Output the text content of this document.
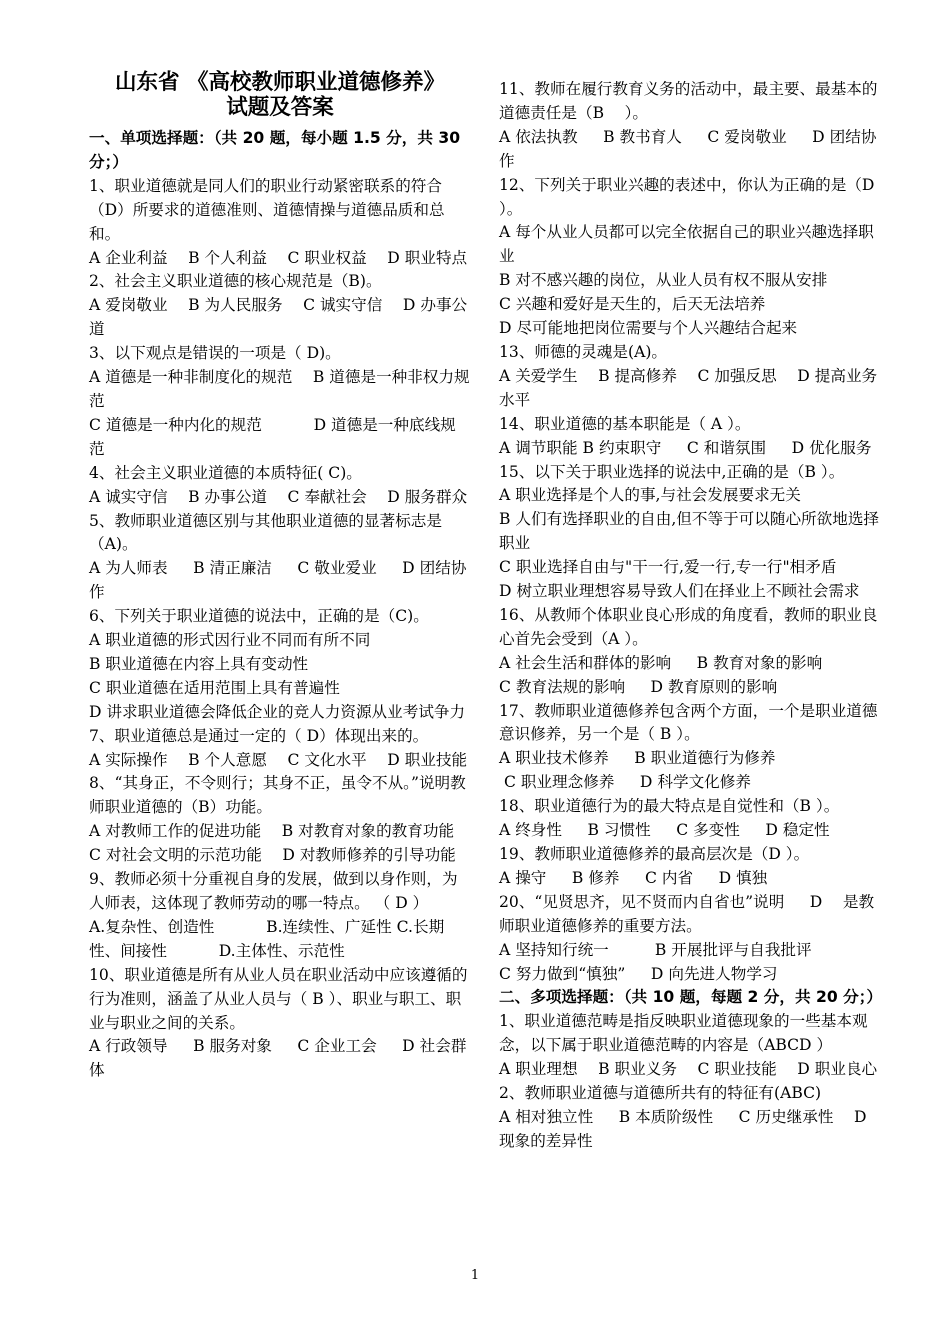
山东省 《高校教师职业道德修养》
试题及答案
一、单项选择题：（共 20 题，每小题 1.5 分，共 30 分；）
1、职业道德就是同人们的职业行动紧密联系的符合（D）所要求的道德准则、道德情操与道德品质和总和。
A 企业利益 　B 个人利益 　C 职业权益 　D 职业特点
2、社会主义职业道德的核心规范是（B)。
A 爱岗敬业 　B 为人民服务 　C 诚实守信 　D 办事公道
3、以下观点是错误的一项是（ D)。
A 道德是一种非制度化的规范 　B 道德是一种非权力规范
C 道德是一种内化的规范 　　　D 道德是一种底线规范
4、社会主义职业道德的本质特征( C)。
A 诚实守信 　B 办事公道 　C 奉献社会 　D 服务群众
5、教师职业道德区别与其他职业道德的显著标志是（A)。
A 为人师表 　 B 清正廉洁 　 C 敬业爱业 　 D 团结协作
6、下列关于职业道德的说法中，正确的是（C)。
A 职业道德的形式因行业不同而有所不同
B 职业道德在内容上具有变动性
C 职业道德在适用范围上具有普遍性
D 讲求职业道德会降低企业的竞人力资源从业考试争力
7、职业道德总是通过一定的（ D）体现出来的。
A 实际操作 　B 个人意愿 　C 文化水平 　D 职业技能
8、“其身正，不令则行；其身不正，虽令不从。”说明教师职业道德的（B）功能。
A 对教师工作的促进功能 　B 对教育对象的教育功能
C 对社会文明的示范功能 　D 对教师修养的引导功能
9、教师必须十分重视自身的发展，做到以身作则，为人师表，这体现了教师劳动的哪一特点。 （ D ）
A.复杂性、创造性 　　　B.连续性、广延性 C.长期性、间接性 　　　D.主体性、示范性
10、职业道德是所有从业人员在职业活动中应该遵循的行为准则，涵盖了从业人员与（ B ）、职业与职工、职业与职业之间的关系。
A 行政领导 　 B 服务对象 　 C 企业工会 　 D 社会群体
11、教师在履行教育义务的活动中，最主要、最基本的道德责任是（B 　）。
A 依法执教 　 B 教书育人 　 C 爱岗敬业 　 D 团结协作
12、下列关于职业兴趣的表述中，你认为正确的是（D ）。
A 每个从业人员都可以完全依据自己的职业兴趣选择职业
B 对不感兴趣的岗位，从业人员有权不服从安排
C 兴趣和爱好是天生的，后天无法培养
D 尽可能地把岗位需要与个人兴趣结合起来
13、师德的灵魂是(A)。
A 关爱学生 　B 提高修养 　C 加强反思 　D 提高业务水平
14、职业道德的基本职能是（ A ）。
A 调节职能 B 约束职守 　 C 和谐氛围 　 D 优化服务
15、以下关于职业选择的说法中,正确的是（B ）。
A 职业选择是个人的事,与社会发展要求无关
B 人们有选择职业的自由,但不等于可以随心所欲地选择职业
C 职业选择自由与"干一行,爱一行,专一行"相矛盾
D 树立职业理想容易导致人们在择业上不顾社会需求
16、从教师个体职业良心形成的角度看，教师的职业良心首先会受到（A ）。
A 社会生活和群体的影响 　 B 教育对象的影响
C 教育法规的影响 　 D 教育原则的影响
17、教师职业道德修养包含两个方面，一个是职业道德意识修养，另一个是（ B ）。
A 职业技术修养 　 B 职业道德行为修养
C 职业理念修养 　 D 科学文化修养
18、职业道德行为的最大特点是自觉性和（B ）。
A 终身性 　 B 习惯性 　 C 多变性 　 D 稳定性
19、教师职业道德修养的最高层次是（D ）。
A 操守 　 B 修养 　 C 内省 　 D 慎独
20、“见贤思齐，见不贤而内自省也”说明 　 D 　是教师职业道德修养的重要方法。
A 坚持知行统一 　 　 B 开展批评与自我批评
C 努力做到“慎独” 　 D 向先进人物学习
二、多项选择题：（共 10 题，每题 2 分，共 20 分；）
1、职业道德范畴是指反映职业道德现象的一些基本观念，以下属于职业道德范畴的内容是（ABCD ）
A 职业理想 　B 职业义务 　C 职业技能 　D 职业良心
2、教师职业道德与道德所共有的特征有(ABC)
A 相对独立性 　 B 本质阶级性 　 C 历史继承性 　D 现象的差异性
1
